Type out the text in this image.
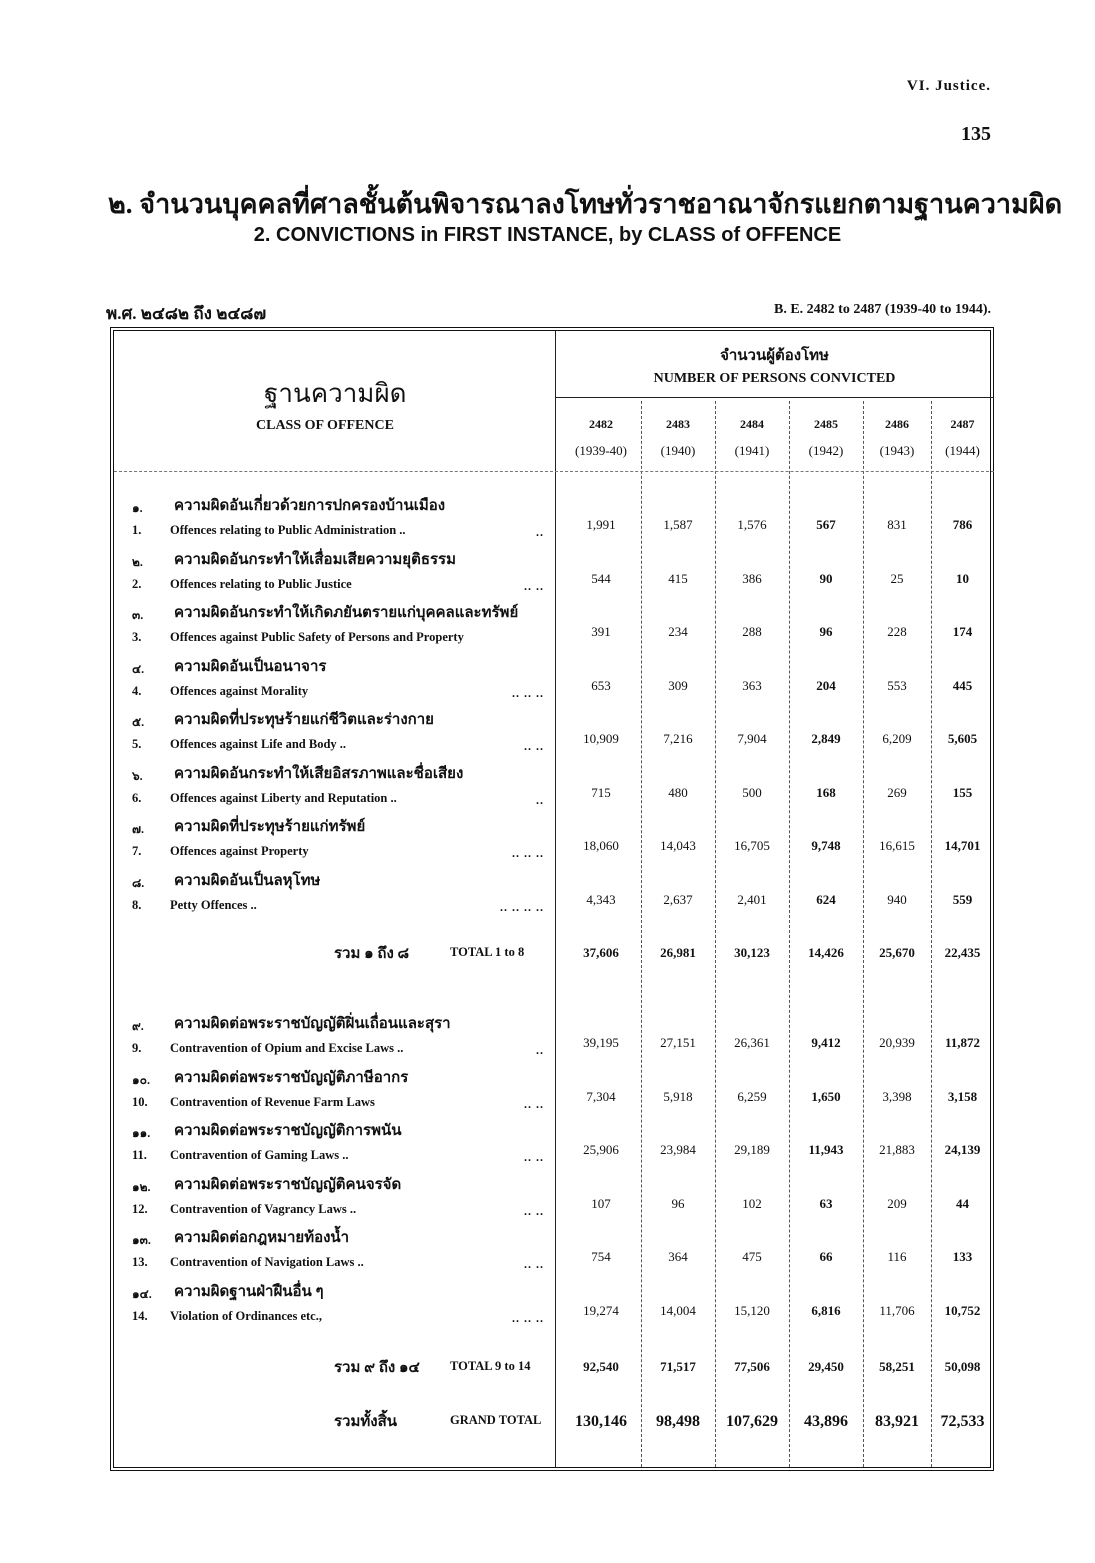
VI. Justice.
135
๒. จำนวนบุคคลที่ศาลชั้นต้นพิจารณาลงโทษทั่วราชอาณาจักรแยกตามฐานความผิด
2. CONVICTIONS in FIRST INSTANCE, by CLASS of OFFENCE
พ.ศ. ๒๔๘๒ ถึง ๒๔๘๗	B. E. 2482 to 2487 (1939-40 to 1944).
ฐานความผิด
CLASS OF OFFENCE
จำนวนผู้ต้องโทษ
NUMBER OF PERSONS CONVICTED
2482
(1939-40)
2483
(1940)
2484
(1941)
2485
(1942)
2486
(1943)
2487
(1944)
๑. ความผิดอันเกี่ยวด้วยการปกครองบ้านเมือง
1. Offences relating to Public Administration ..	..	1,991	1,587	1,576	567	831	786
๒. ความผิดอันกระทำให้เสื่อมเสียความยุติธรรม
2. Offences relating to Public Justice	.. ..	544	415	386	90	25	10
๓. ความผิดอันกระทำให้เกิดภยันตรายแก่บุคคลและทรัพย์
3. Offences against Public Safety of Persons and Property	391	234	288	96	228	174
๔. ความผิดอันเป็นอนาจาร
4. Offences against Morality	.. .. ..	653	309	363	204	553	445
๕. ความผิดที่ประทุษร้ายแก่ชีวิตและร่างกาย
5. Offences against Life and Body ..	.. ..	10,909	7,216	7,904	2,849	6,209	5,605
๖. ความผิดอันกระทำให้เสียอิสรภาพและชื่อเสียง
6. Offences against Liberty and Reputation ..	..	715	480	500	168	269	155
๗. ความผิดที่ประทุษร้ายแก่ทรัพย์
7. Offences against Property	.. .. ..	18,060	14,043	16,705	9,748	16,615	14,701
๘. ความผิดอันเป็นลหุโทษ
8. Petty Offences ..	.. .. .. ..	4,343	2,637	2,401	624	940	559
๙. ความผิดต่อพระราชบัญญัติฝิ่นเถื่อนและสุรา
9. Contravention of Opium and Excise Laws ..	..	39,195	27,151	26,361	9,412	20,939	11,872
๑๐. ความผิดต่อพระราชบัญญัติภาษีอากร
10. Contravention of Revenue Farm Laws	.. ..	7,304	5,918	6,259	1,650	3,398	3,158
๑๑. ความผิดต่อพระราชบัญญัติการพนัน
11. Contravention of Gaming Laws ..	.. ..	25,906	23,984	29,189	11,943	21,883	24,139
๑๒. ความผิดต่อพระราชบัญญัติคนจรจัด
12. Contravention of Vagrancy Laws ..	.. ..	107	96	102	63	209	44
๑๓. ความผิดต่อกฎหมายท้องน้ำ
13. Contravention of Navigation Laws ..	.. ..	754	364	475	66	116	133
๑๔. ความผิดฐานฝ่าฝืนอื่น ๆ
14. Violation of Ordinances etc.,	.. .. ..	19,274	14,004	15,120	6,816	11,706	10,752
รวม ๑ ถึง ๘	TOTAL 1 to 8	37,606	26,981	30,123	14,426	25,670	22,435
รวม ๙ ถึง ๑๔ TOTAL 9 to 14	92,540	71,517	77,506	29,450	58,251	50,098
รวมทั้งสิ้น	GRAND TOTAL	130,146	98,498	107,629	43,896	83,921	72,533
